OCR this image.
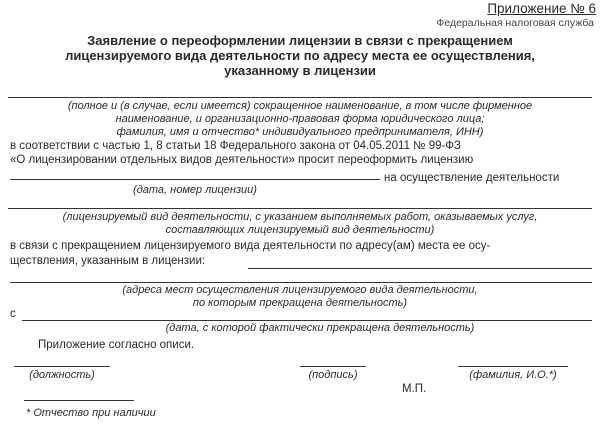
Приложение № 6
Федеральная налоговая служба
Заявление о переоформлении лицензии в связи с прекращением
лицензируемого вида деятельности по адресу места ее осуществления,
указанному в лицензии
(полное и (в случае, если имеется) сокращенное наименование, в том числе фирменное
наименование, и организационно-правовая форма юридического лица;
фамилия, имя и отчество* индивидуального предпринимателя, ИНН)
в соответствии с частью 1, 8 статьи 18 Федерального закона от 04.05.2011 № 99-ФЗ
«О лицензировании отдельных видов деятельности» просит переоформить лицензию
на осуществление деятельности
(дата, номер лицензии)
(лицензируемый вид деятельности, с указанием выполняемых работ, оказываемых услуг,
составляющих лицензируемый вид деятельности)
в связи с прекращением лицензируемого вида деятельности по адресу(ам) места ее осу-
ществления, указанным в лицензии:
(адреса мест осуществления лицензируемого вида деятельности,
по которым прекращена деятельность)
с
(дата, с которой фактически прекращена деятельность)
Приложение согласно описи.
(должность)	(подпись)	(фамилия, И.О.*)
М.П.
* Отчество при наличии
